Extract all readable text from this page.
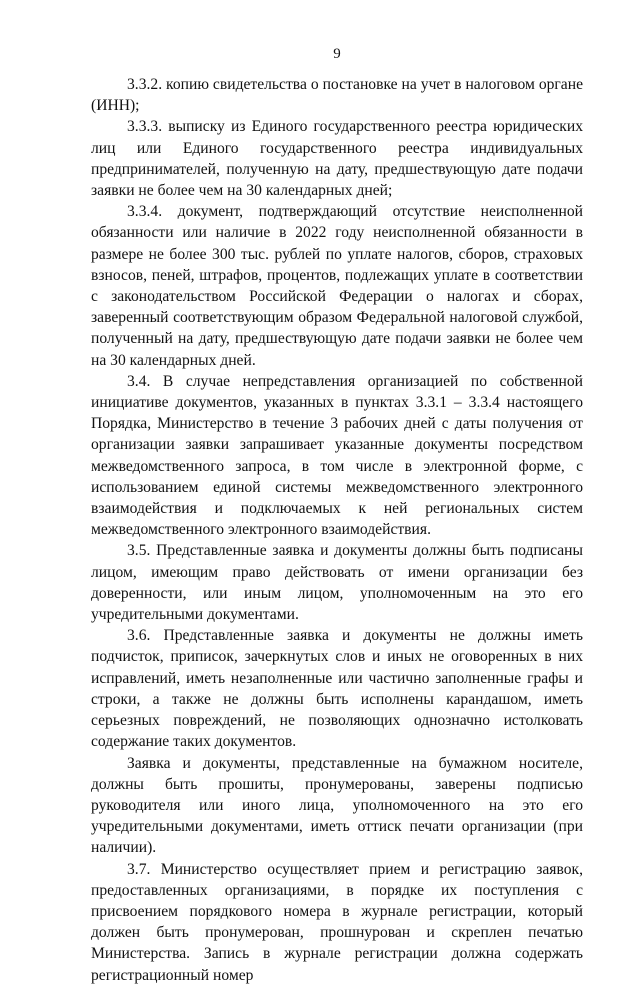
9

3.3.2. копию свидетельства о постановке на учет в налоговом органе (ИНН);

3.3.3. выписку из Единого государственного реестра юридических лиц или Единого государственного реестра индивидуальных предпринимателей, полученную на дату, предшествующую дате подачи заявки не более чем на 30 календарных дней;

3.3.4. документ, подтверждающий отсутствие неисполненной обязанности или наличие в 2022 году неисполненной обязанности в размере не более 300 тыс. рублей по уплате налогов, сборов, страховых взносов, пеней, штрафов, процентов, подлежащих уплате в соответствии с законодательством Российской Федерации о налогах и сборах, заверенный соответствующим образом Федеральной налоговой службой, полученный на дату, предшествующую дате подачи заявки не более чем на 30 календарных дней.

3.4. В случае непредставления организацией по собственной инициативе документов, указанных в пунктах 3.3.1 – 3.3.4 настоящего Порядка, Министерство в течение 3 рабочих дней с даты получения от организации заявки запрашивает указанные документы посредством межведомственного запроса, в том числе в электронной форме, с использованием единой системы межведомственного электронного взаимодействия и подключаемых к ней региональных систем межведомственного электронного взаимодействия.

3.5. Представленные заявка и документы должны быть подписаны лицом, имеющим право действовать от имени организации без доверенности, или иным лицом, уполномоченным на это его учредительными документами.

3.6. Представленные заявка и документы не должны иметь подчисток, приписок, зачеркнутых слов и иных не оговоренных в них исправлений, иметь незаполненные или частично заполненные графы и строки, а также не должны быть исполнены карандашом, иметь серьезных повреждений, не позволяющих однозначно истолковать содержание таких документов.

Заявка и документы, представленные на бумажном носителе, должны быть прошиты, пронумерованы, заверены подписью руководителя или иного лица, уполномоченного на это его учредительными документами, иметь оттиск печати организации (при наличии).

3.7. Министерство осуществляет прием и регистрацию заявок, предоставленных организациями, в порядке их поступления с присвоением порядкового номера в журнале регистрации, который должен быть пронумерован, прошнурован и скреплен печатью Министерства. Запись в журнале регистрации должна содержать регистрационный номер
